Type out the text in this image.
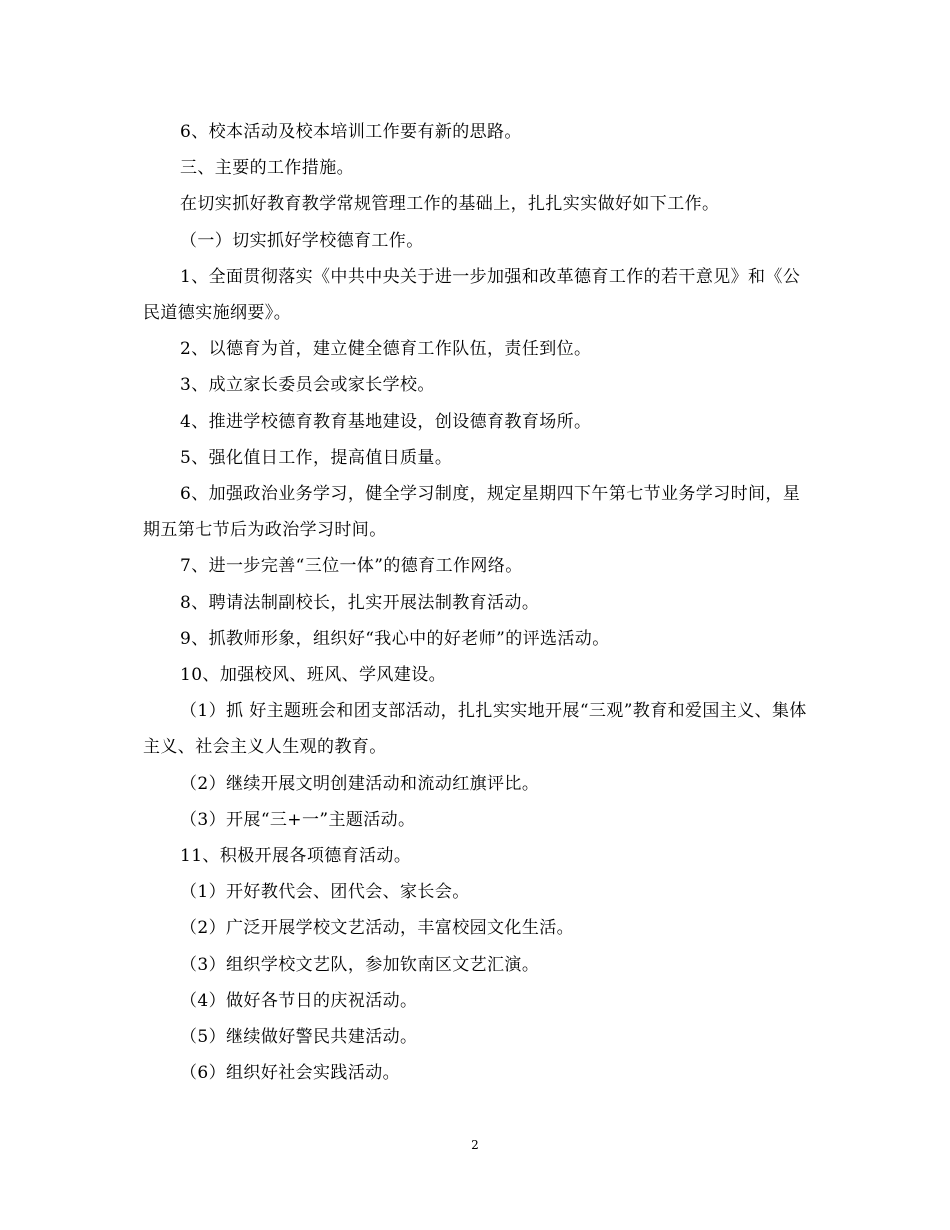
6、校本活动及校本培训工作要有新的思路。

三、主要的工作措施。

在切实抓好教育教学常规管理工作的基础上，扎扎实实做好如下工作。

（一）切实抓好学校德育工作。

1、全面贯彻落实《中共中央关于进一步加强和改革德育工作的若干意见》和《公民道德实施纲要》。

2、以德育为首，建立健全德育工作队伍，责任到位。

3、成立家长委员会或家长学校。

4、推进学校德育教育基地建设，创设德育教育场所。

5、强化值日工作，提高值日质量。

6、加强政治业务学习，健全学习制度，规定星期四下午第七节业务学习时间，星期五第七节后为政治学习时间。

7、进一步完善“三位一体”的德育工作网络。

8、聘请法制副校长，扎实开展法制教育活动。

9、抓教师形象，组织好“我心中的好老师”的评选活动。

10、加强校风、班风、学风建设。

（1）抓 好主题班会和团支部活动，扎扎实实地开展“三观”教育和爱国主义、集体主义、社会主义人生观的教育。

（2）继续开展文明创建活动和流动红旗评比。

（3）开展“三+一”主题活动。

11、积极开展各项德育活动。

（1）开好教代会、团代会、家长会。

（2）广泛开展学校文艺活动，丰富校园文化生活。

（3）组织学校文艺队，参加钦南区文艺汇演。

（4）做好各节日的庆祝活动。

（5）继续做好警民共建活动。

（6）组织好社会实践活动。

2
